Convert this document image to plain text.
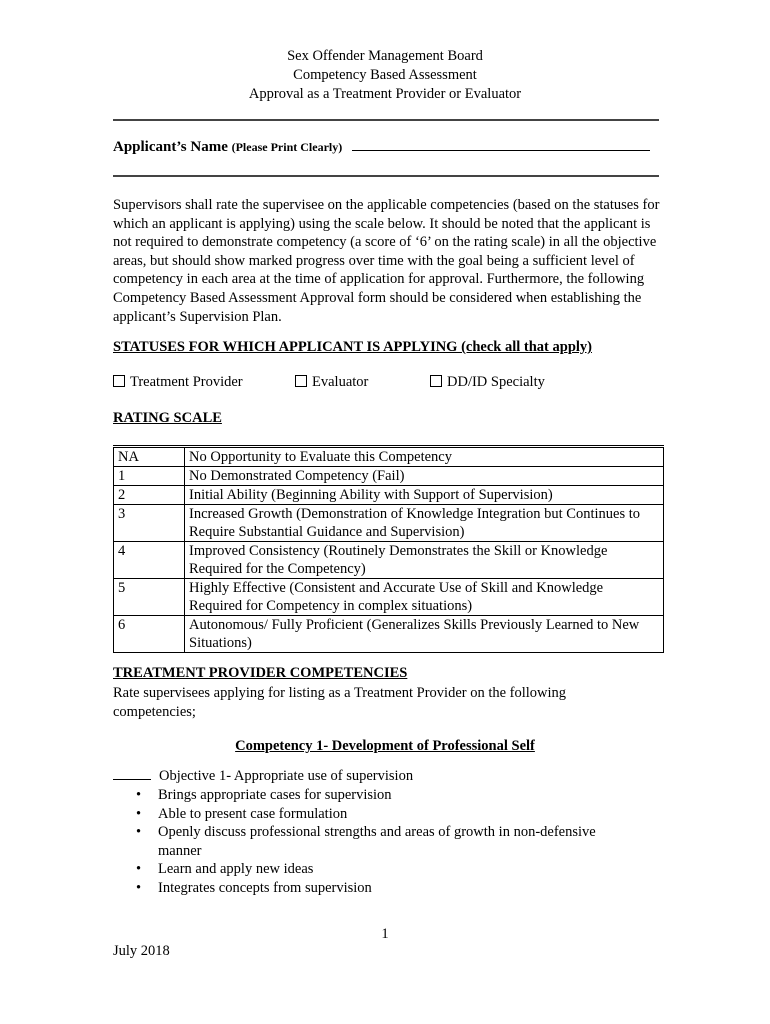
Sex Offender Management Board
Competency Based Assessment
Approval as a Treatment Provider or Evaluator
Applicant’s Name (Please Print Clearly)
Supervisors shall rate the supervisee on the applicable competencies (based on the statuses for which an applicant is applying) using the scale below. It should be noted that the applicant is not required to demonstrate competency (a score of ‘6’ on the rating scale) in all the objective areas, but should show marked progress over time with the goal being a sufficient level of competency in each area at the time of application for approval. Furthermore, the following Competency Based Assessment Approval form should be considered when establishing the applicant’s Supervision Plan.
STATUSES FOR WHICH APPLICANT IS APPLYING (check all that apply)
Treatment Provider	Evaluator	DD/ID Specialty
RATING SCALE
NA	No Opportunity to Evaluate this Competency
1	No Demonstrated Competency (Fail)
2	Initial Ability (Beginning Ability with Support of Supervision)
3	Increased Growth (Demonstration of Knowledge Integration but Continues to Require Substantial Guidance and Supervision)
4	Improved Consistency (Routinely Demonstrates the Skill or Knowledge Required for the Competency)
5	Highly Effective (Consistent and Accurate Use of Skill and Knowledge Required for Competency in complex situations)
6	Autonomous/ Fully Proficient (Generalizes Skills Previously Learned to New Situations)
TREATMENT PROVIDER COMPETENCIES
Rate supervisees applying for listing as a Treatment Provider on the following competencies;
Competency 1- Development of Professional Self
Objective 1- Appropriate use of supervision
• Brings appropriate cases for supervision
• Able to present case formulation
• Openly discuss professional strengths and areas of growth in non-defensive manner
• Learn and apply new ideas
• Integrates concepts from supervision
1
July 2018
